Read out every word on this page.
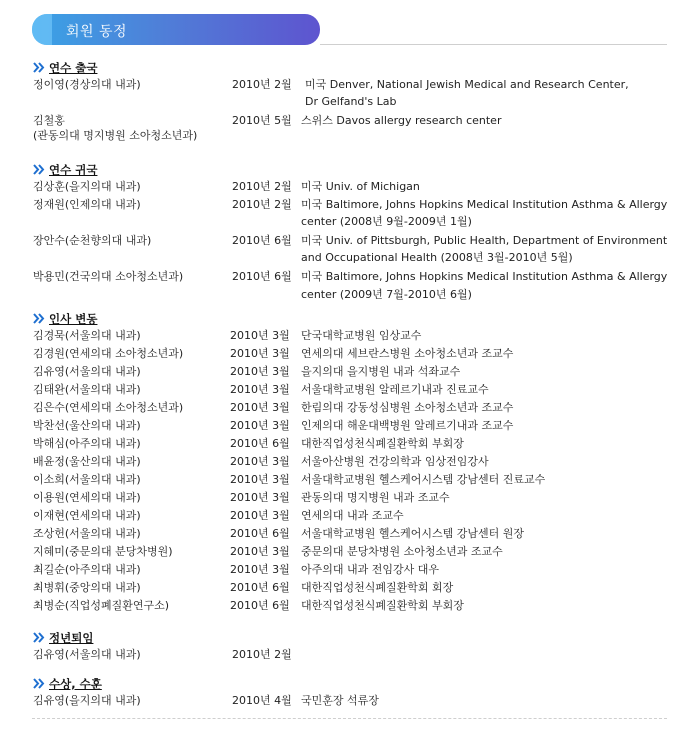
회원 동정
연수 출국
정이영(경상의대 내과)	2010년 2월 미국 Denver, National Jewish Medical and Research Center,
Dr Gelfand's Lab
김철홍	2010년 5월 스위스 Davos allergy research center
(관동의대 명지병원 소아청소년과)
연수 귀국
김상훈(을지의대 내과)	2010년 2월 미국 Univ. of Michigan
정재원(인제의대 내과)	2010년 2월 미국 Baltimore, Johns Hopkins Medical Institution Asthma & Allergy
center (2008년 9월-2009년 1월)
장안수(순천향의대 내과)	2010년 6월 미국 Univ. of Pittsburgh, Public Health, Department of Environment
and Occupational Health (2008년 3월-2010년 5월)
박용민(건국의대 소아청소년과)	2010년 6월 미국 Baltimore, Johns Hopkins Medical Institution Asthma & Allergy
center (2009년 7월-2010년 6월)
인사 변동
김경묵(서울의대 내과)	2010년 3월 단국대학교병원 임상교수
김경원(연세의대 소아청소년과)	2010년 3월 연세의대 세브란스병원 소아청소년과 조교수
김유영(서울의대 내과)	2010년 3월 을지의대 을지병원 내과 석좌교수
김태완(서울의대 내과)	2010년 3월 서울대학교병원 알레르기내과 진료교수
김은수(연세의대 소아청소년과)	2010년 3월 한림의대 강동성심병원 소아청소년과 조교수
박찬선(울산의대 내과)	2010년 3월 인제의대 해운대백병원 알레르기내과 조교수
박해심(아주의대 내과)	2010년 6월 대한직업성천식폐질환학회 부회장
배윤정(울산의대 내과)	2010년 3월 서울아산병원 건강의학과 임상전임강사
이소희(서울의대 내과)	2010년 3월 서울대학교병원 헬스케어시스템 강남센터 진료교수
이용원(연세의대 내과)	2010년 3월 관동의대 명지병원 내과 조교수
이재현(연세의대 내과)	2010년 3월 연세의대 내과 조교수
조상헌(서울의대 내과)	2010년 6월 서울대학교병원 헬스케어시스템 강남센터 원장
지혜미(중문의대 분당차병원)	2010년 3월 중문의대 분당차병원 소아청소년과 조교수
최길순(아주의대 내과)	2010년 3월 아주의대 내과 전임강사 대우
최병휘(중앙의대 내과)	2010년 6월 대한직업성천식폐질환학회 회장
최병순(직업성폐질환연구소)	2010년 6월 대한직업성천식폐질환학회 부회장
정년퇴임
김유영(서울의대 내과)	2010년 2월
수상, 수훈
김유영(을지의대 내과)	2010년 4월 국민훈장 석류장
